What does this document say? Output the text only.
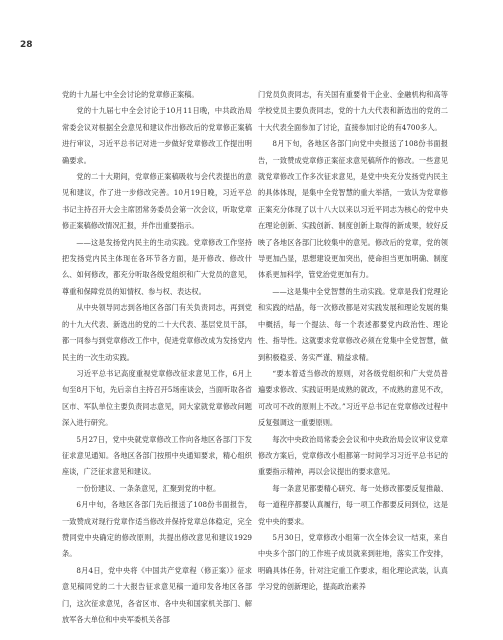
28

党的十九届七中全会讨论的党章修正案稿。

党的十九届七中全会讨论于10月11日晚，中共政治局常委会议对根据全会意见和建议作出修改后的党章修正案稿进行审议，习近平总书记对进一步做好党章修改工作提出明确要求。

党的二十大期间，党章修正案稿吸收与会代表提出的意见和建议，作了进一步修改完善。10月19日晚，习近平总书记主持召开大会主席团常务委员会第一次会议，听取党章修正案稿修改情况汇报，并作出重要指示。

——这是发扬党内民主的生动实践。党章修改工作坚持把发扬党内民主体现在各环节各方面，是开修改、修改什么、如何修改，都充分听取各级党组织和广大党员的意见，尊重和保障党员的知情权、参与权、表达权。

从中央领导同志到各地区各部门有关负责同志，再到党的十九大代表、新选出的党的二十大代表、基层党员干部，都一同参与到党章修改工作中，促进党章修改成为发扬党内民主的一次生动实践。

习近平总书记高度重视党章修改征求意见工作，6月上旬至8月下旬，先后亲自主持召开5场座谈会，当面听取各省区市、军队单位主要负责同志意见，同大家就党章修改问题深入进行研究。

5月27日，党中央就党章修改工作向各地区各部门下发征求意见通知。各地区各部门按照中央通知要求，精心组织座谈，广泛征求意见和建议。

一份份建议、一条条意见，汇聚到党的中枢。

6月中旬，各地区各部门先后报送了108份书面报告，一致赞成对现行党章作适当修改并保持党章总体稳定，完全赞同党中央确定的修改原则，共提出修改意见和建议1929条。

8月4日，党中央将《中国共产党章程（修正案）》征求意见稿同党的二十大报告征求意见稿一道印发各地区各部门，这次征求意见，各省区市、各中央和国家机关部门、解放军各大单位和中央军委机关各部

门党员负责同志，有关国有重要骨干企业、金融机构和高等学校党员主要负责同志，党的十九大代表和新选出的党的二十大代表全面参加了讨论，直接参加讨论的有4700多人。

8月下旬，各地区各部门向党中央报送了108份书面报告，一致赞成党章修正案征求意见稿所作的修改。一些意见就党章修改工作多次征求意见，是党中央充分发扬党内民主的具体体现，是集中全党智慧的重大举措，一致认为党章修正案充分体现了以十八大以来以习近平同志为核心的党中央在理论创新、实践创新、制度创新上取得的新成果，较好反映了各地区各部门比较集中的意见。修改后的党章，党的领导更加凸显，思想建设更加突出，使命担当更加明确、制度体系更加科学，管党治党更加有力。

——这是集中全党智慧的生动实践。党章是我们党理论和实践的结晶，每一次修改都是对实践发展和理论发展的集中概括，每一个提法、每一个表述都要党内政治性、理论性、指导性。这就要求党章修改必须在党集中全党智慧，做到积极稳妥、务实严谨、精益求精。

“要本着适当修改的原则，对各级党组织和广大党员普遍要求修改、实践证明是成熟的就改，不成熟的意见不改，可改可不改的原则上不改。”习近平总书记在党章修改过程中反复强调这一重要原则。

每次中央政治局常委会会议和中央政治局会议审议党章修改方案后，党章修改小组都第一时间学习习近平总书记的重要指示精神，再以会议提出的要求意见。

每一条意见都要精心研究、每一处修改都要反复推敲、每一道程序都要认真履行，每一项工作都要反问到位，这是党中央的要求。

5月30日，党章修改小组第一次全体会议一结束，来自中央多个部门的工作班子成员就来到驻地，落实工作安排，明确具体任务，针对注定重工作要求，组化理论武装，认真学习党的创新理论，提高政治素养
